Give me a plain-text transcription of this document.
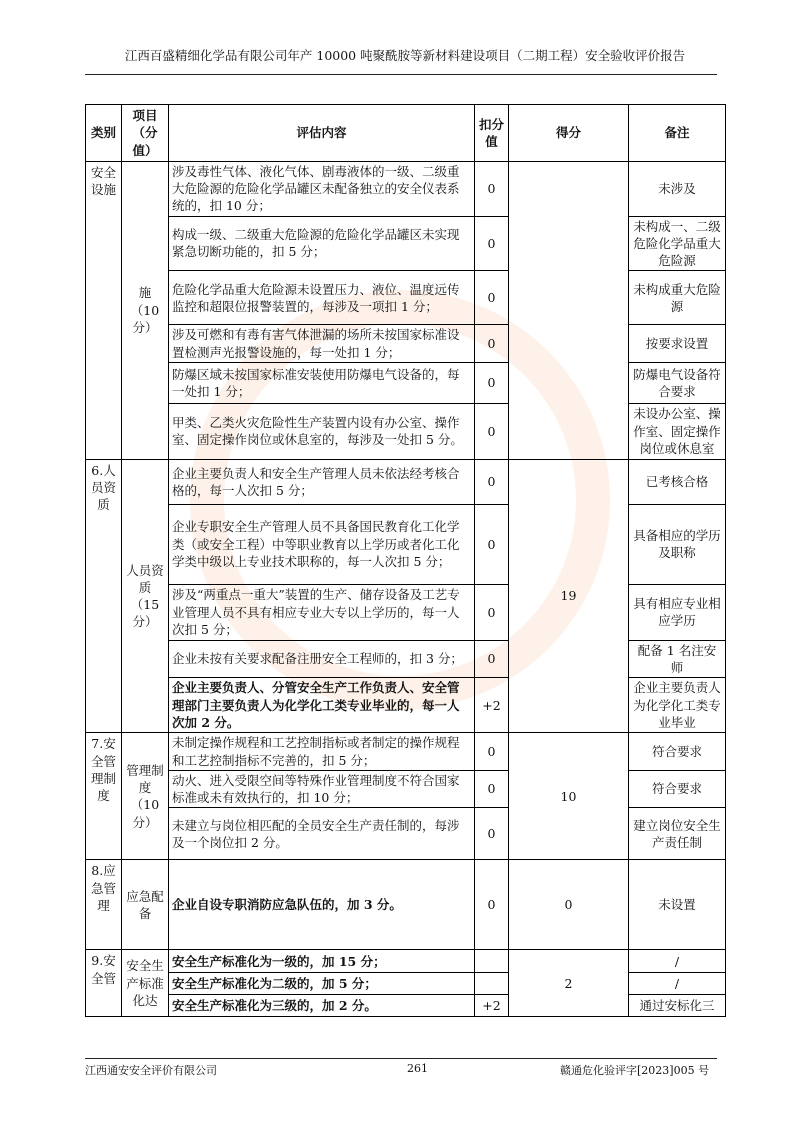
江西百盛精细化学品有限公司年产 10000 吨聚酰胺等新材料建设项目（二期工程）安全验收评价报告
类别	项目（分值）	评估内容	扣分值	得分	备注
安全设施	施（10分）	涉及毒性气体、液化气体、剧毒液体的一级、二级重大危险源的危险化学品罐区未配备独立的安全仪表系统的，扣 10 分；	0		未涉及
		构成一级、二级重大危险源的危险化学品罐区未实现紧急切断功能的，扣 5 分；	0		未构成一、二级危险化学品重大危险源
		危险化学品重大危险源未设置压力、液位、温度远传监控和超限位报警装置的，每涉及一项扣 1 分；	0		未构成重大危险源
		涉及可燃和有毒有害气体泄漏的场所未按国家标准设置检测声光报警设施的，每一处扣 1 分；	0		按要求设置
		防爆区域未按国家标准安装使用防爆电气设备的，每一处扣 1 分；	0		防爆电气设备符合要求
		甲类、乙类火灾危险性生产装置内设有办公室、操作室、固定操作岗位或休息室的，每涉及一处扣 5 分。	0		未设办公室、操作室、固定操作岗位或休息室
6.人员资质	人员资质（15分）	企业主要负责人和安全生产管理人员未依法经考核合格的，每一人次扣 5 分；	0	19	已考核合格
		企业专职安全生产管理人员不具备国民教育化工化学类（或安全工程）中等职业教育以上学历或者化工化学类中级以上专业技术职称的，每一人次扣 5 分；	0		具备相应的学历及职称
		涉及“两重点一重大”装置的生产、储存设备及工艺专业管理人员不具有相应专业大专以上学历的，每一人次扣 5 分；	0		具有相应专业相应学历
		企业未按有关要求配备注册安全工程师的，扣 3 分；	0		配备 1 名注安师
		企业主要负责人、分管安全生产工作负责人、安全管理部门主要负责人为化学化工类专业毕业的，每一人次加 2 分。	+2		企业主要负责人为化学化工类专业毕业
7.安全管理制度	管理制度（10分）	未制定操作规程和工艺控制指标或者制定的操作规程和工艺控制指标不完善的，扣 5 分；	0	10	符合要求
		动火、进入受限空间等特殊作业管理制度不符合国家标准或未有效执行的，扣 10 分；	0		符合要求
		未建立与岗位相匹配的全员安全生产责任制的，每涉及一个岗位扣 2 分。	0		建立岗位安全生产责任制
8.应急管理	应急配备	企业自设专职消防应急队伍的，加 3 分。	0	0	未设置
9.安全管	安全生产标准化达	安全生产标准化为一级的，加 15 分；		2	/
		安全生产标准化为二级的，加 5 分；			/
		安全生产标准化为三级的，加 2 分。	+2		通过安标化三
江西通安安全评价有限公司	261	赣通危化验评字[2023]005 号
